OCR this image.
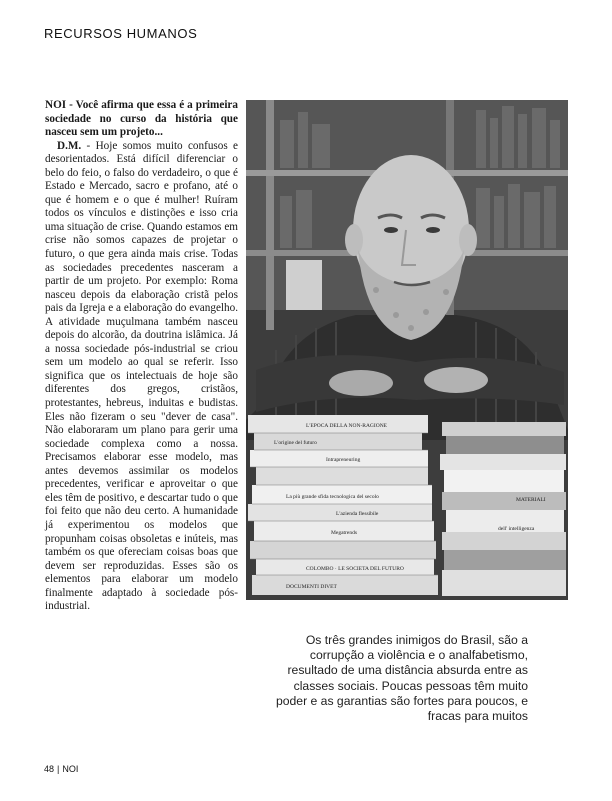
RECURSOS HUMANOS

NOI - Você afirma que essa é a primeira sociedade no curso da história que nasceu sem um projeto...

D.M. - Hoje somos muito confusos e desorientados. Está difícil diferenciar o belo do feio, o falso do verdadeiro, o que é Estado e Mercado, sacro e profano, até o que é homem e o que é mulher! Ruíram todos os vínculos e distinções e isso cria uma situação de crise. Quando estamos em crise não somos capazes de projetar o futuro, o que gera ainda mais crise. Todas as sociedades precedentes nasceram a partir de um projeto. Por exemplo: Roma nasceu depois da elaboração cristã pelos pais da Igreja e a elaboração do evangelho. A atividade muçulmana também nasceu depois do alcorão, da doutrina islâmica. Já a nossa sociedade pós-industrial se criou sem um modelo ao qual se referir. Isso significa que os intelectuais de hoje são diferentes dos gregos, cristãos, protestantes, hebreus, induitas e budistas. Eles não fizeram o seu "dever de casa". Não elaboraram um plano para gerir uma sociedade complexa como a nossa. Precisamos elaborar esse modelo, mas antes devemos assimilar os modelos precedentes, verificar e aproveitar o que eles têm de positivo, e descartar tudo o que foi feito que não deu certo. A humanidade já experimentou os modelos que propunham coisas obsoletas e inúteis, mas também os que ofereciam coisas boas que devem ser reproduzidas. Esses são os elementos para elaborar um modelo finalmente adaptado à sociedade pós-industrial.

L'EPOCA DELLA NON-RAGIONE
L'origine del futuro
Intrapreneuring
La più grande sfida tecnologica del secolo
L'azienda flessibile
Megatrends
COLOMBO · LE SOCIETA DEL FUTURO
DOCUMENTI DIVET
dell' intelligenza
MATERIALI
Os três grandes inimigos do Brasil, são a corrupção a violência e o analfabetismo, resultado de uma distância absurda entre as classes sociais. Poucas pessoas têm muito poder e as garantias são fortes para poucos, e fracas para muitos
48 | NOI
